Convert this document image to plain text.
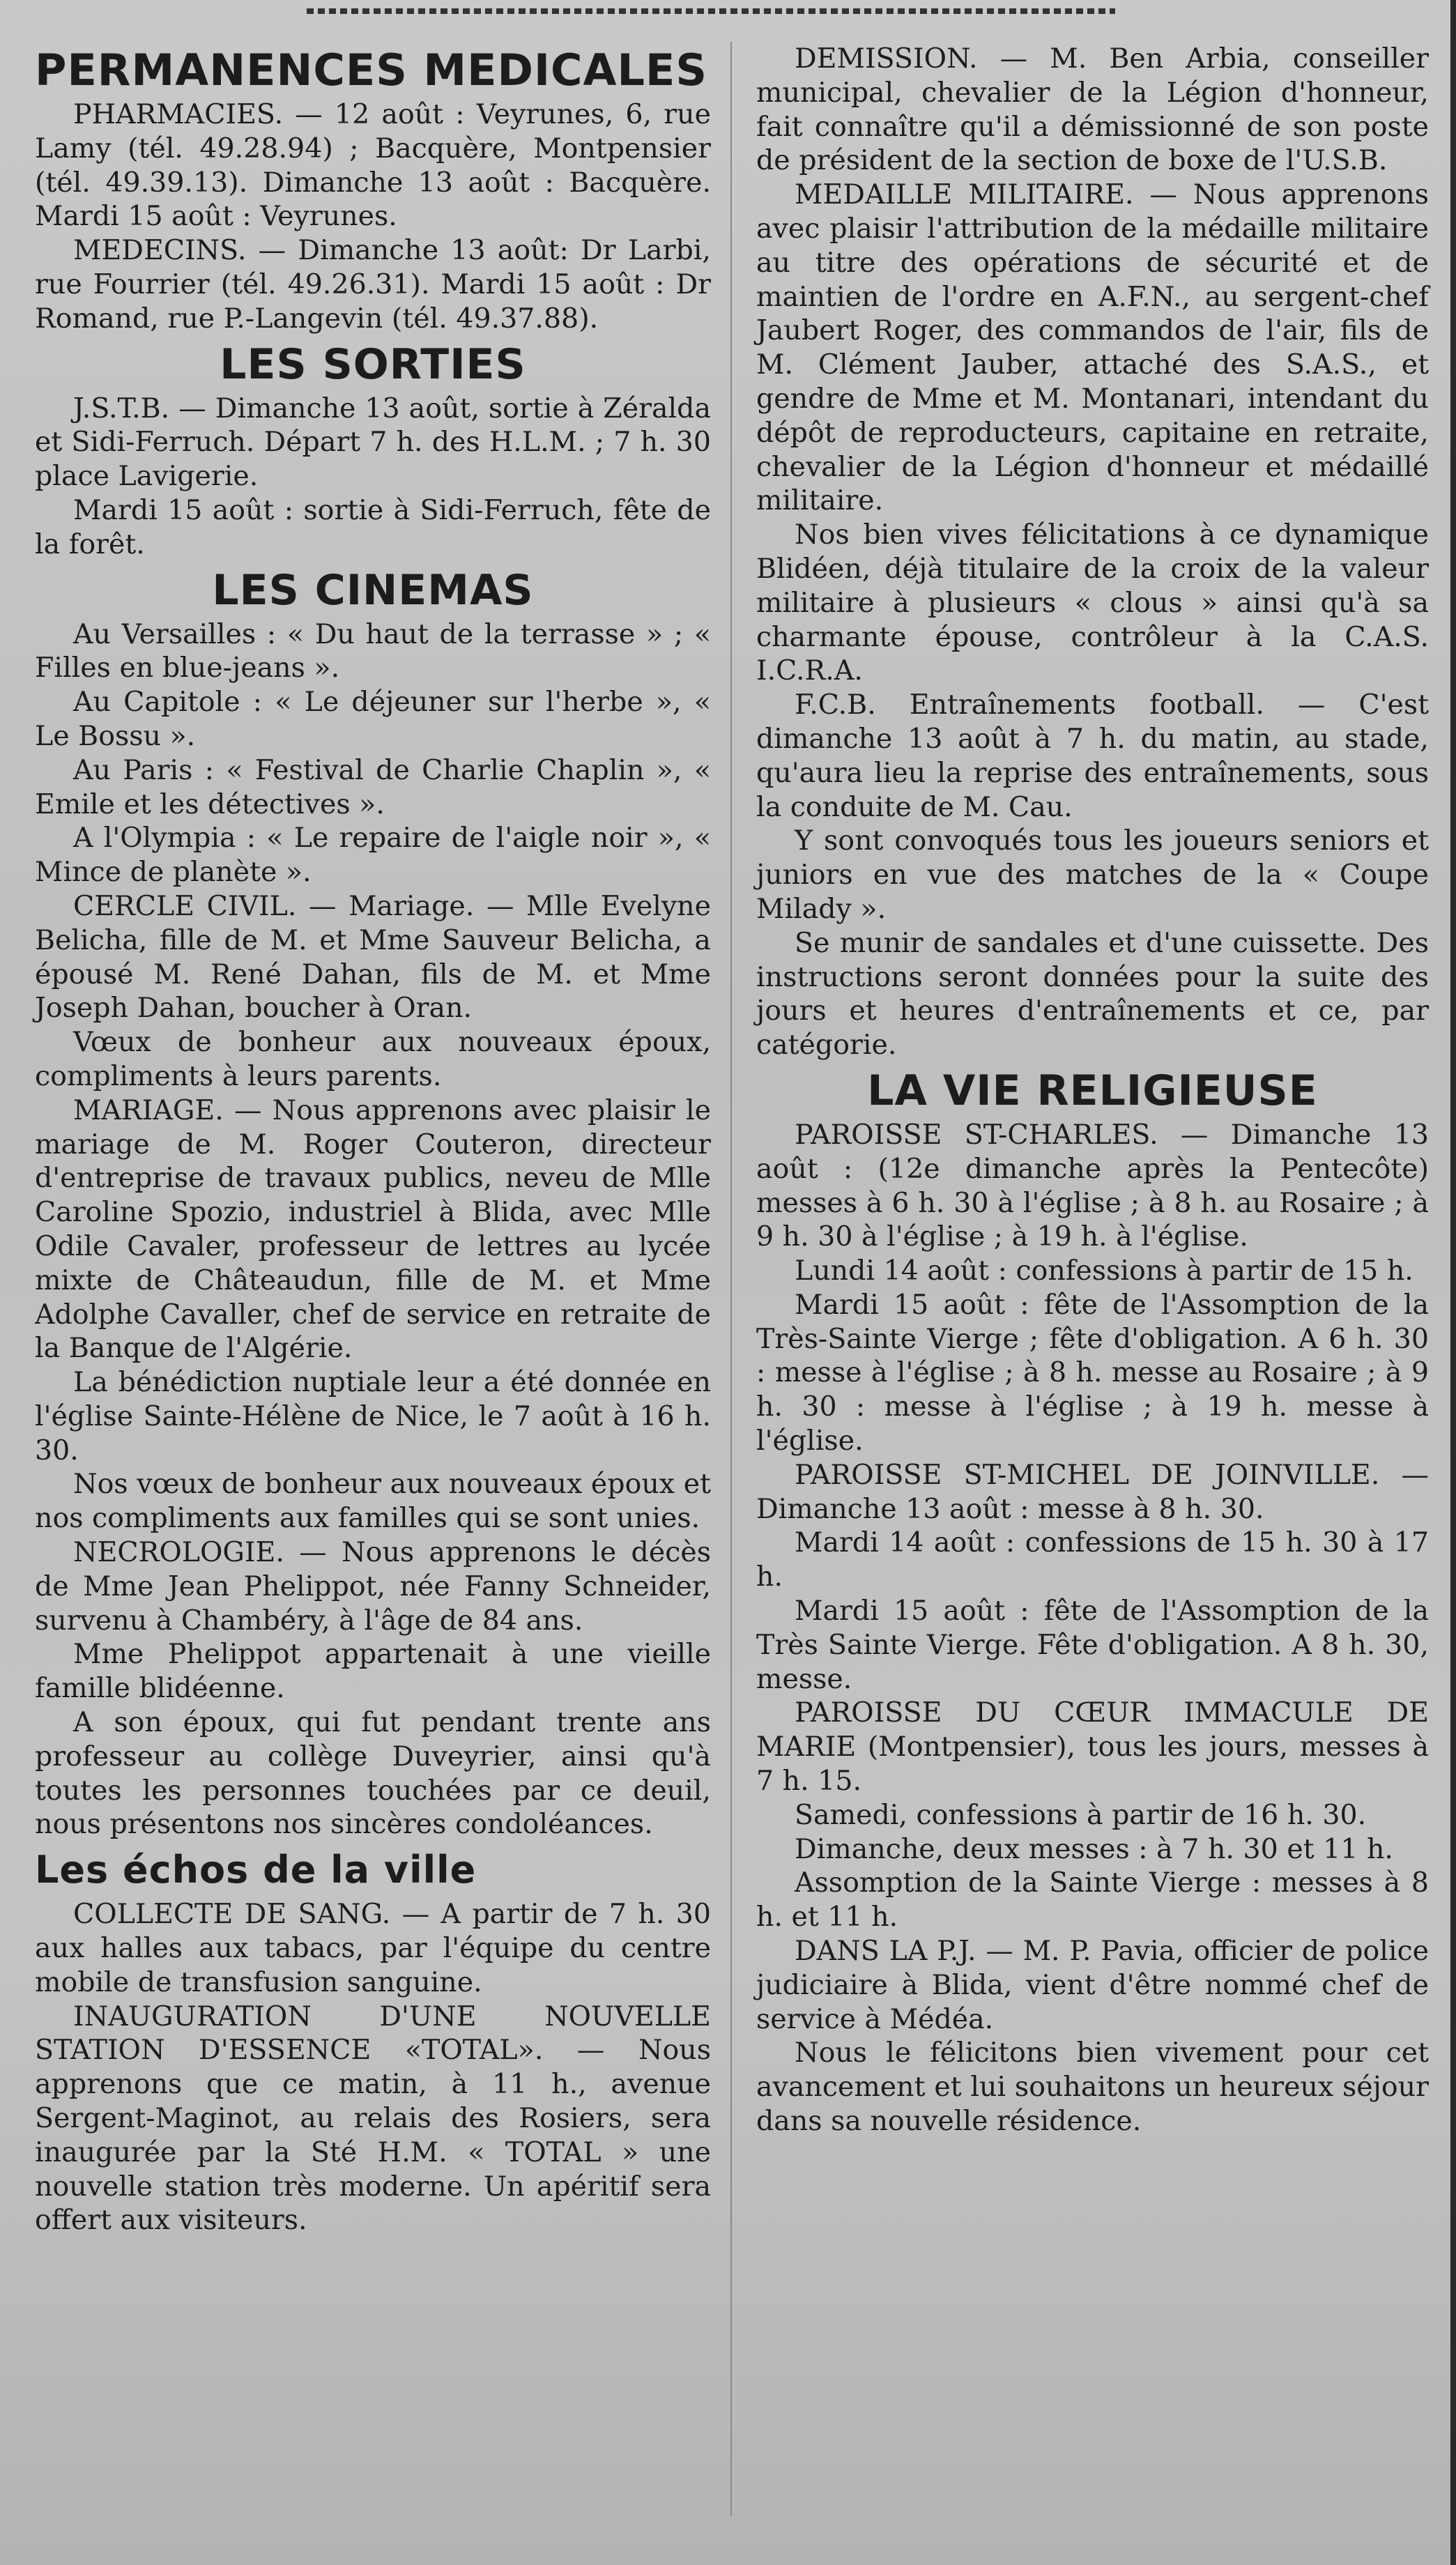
PERMANENCES MEDICALES

PHARMACIES. — 12 août : Veyrunes, 6, rue Lamy (tél. 49.28.94) ; Bacquère, Montpensier (tél. 49.39.13). Dimanche 13 août : Bacquère. Mardi 15 août : Veyrunes.

MEDECINS. — Dimanche 13 août: Dr Larbi, rue Fourrier (tél. 49.26.31). Mardi 15 août : Dr Romand, rue P.-Langevin (tél. 49.37.88).

LES SORTIES

J.S.T.B. — Dimanche 13 août, sortie à Zéralda et Sidi-Ferruch. Départ 7 h. des H.L.M. ; 7 h. 30 place Lavigerie.

Mardi 15 août : sortie à Sidi-Ferruch, fête de la forêt.

LES CINEMAS

Au Versailles : « Du haut de la terrasse » ; « Filles en blue-jeans ».

Au Capitole : « Le déjeuner sur l'herbe », « Le Bossu ».

Au Paris : « Festival de Charlie Chaplin », « Emile et les détectives ».

A l'Olympia : « Le repaire de l'aigle noir », « Mince de planète ».

CERCLE CIVIL. — Mariage. — Mlle Evelyne Belicha, fille de M. et Mme Sauveur Belicha, a épousé M. René Dahan, fils de M. et Mme Joseph Dahan, boucher à Oran.

Vœux de bonheur aux nouveaux époux, compliments à leurs parents.

MARIAGE. — Nous apprenons avec plaisir le mariage de M. Roger Couteron, directeur d'entreprise de travaux publics, neveu de Mlle Caroline Spozio, industriel à Blida, avec Mlle Odile Cavaler, professeur de lettres au lycée mixte de Châteaudun, fille de M. et Mme Adolphe Cavaller, chef de service en retraite de la Banque de l'Algérie.

La bénédiction nuptiale leur a été donnée en l'église Sainte-Hélène de Nice, le 7 août à 16 h. 30.

Nos vœux de bonheur aux nouveaux époux et nos compliments aux familles qui se sont unies.

NECROLOGIE. — Nous apprenons le décès de Mme Jean Phelippot, née Fanny Schneider, survenu à Chambéry, à l'âge de 84 ans.

Mme Phelippot appartenait à une vieille famille blidéenne.

A son époux, qui fut pendant trente ans professeur au collège Duveyrier, ainsi qu'à toutes les personnes touchées par ce deuil, nous présentons nos sincères condoléances.

Les échos de la ville

COLLECTE DE SANG. — A partir de 7 h. 30 aux halles aux tabacs, par l'équipe du centre mobile de transfusion sanguine.

INAUGURATION D'UNE NOUVELLE STATION D'ESSENCE «TOTAL». — Nous apprenons que ce matin, à 11 h., avenue Sergent-Maginot, au relais des Rosiers, sera inaugurée par la Sté H.M. « TOTAL » une nouvelle station très moderne. Un apéritif sera offert aux visiteurs.

DEMISSION. — M. Ben Arbia, conseiller municipal, chevalier de la Légion d'honneur, fait connaître qu'il a démissionné de son poste de président de la section de boxe de l'U.S.B.

MEDAILLE MILITAIRE. — Nous apprenons avec plaisir l'attribution de la médaille militaire au titre des opérations de sécurité et de maintien de l'ordre en A.F.N., au sergent-chef Jaubert Roger, des commandos de l'air, fils de M. Clément Jauber, attaché des S.A.S., et gendre de Mme et M. Montanari, intendant du dépôt de reproducteurs, capitaine en retraite, chevalier de la Légion d'honneur et médaillé militaire.

Nos bien vives félicitations à ce dynamique Blidéen, déjà titulaire de la croix de la valeur militaire à plusieurs « clous » ainsi qu'à sa charmante épouse, contrôleur à la C.A.S. I.C.R.A.

F.C.B. Entraînements football. — C'est dimanche 13 août à 7 h. du matin, au stade, qu'aura lieu la reprise des entraînements, sous la conduite de M. Cau.

Y sont convoqués tous les joueurs seniors et juniors en vue des matches de la « Coupe Milady ».

Se munir de sandales et d'une cuissette. Des instructions seront données pour la suite des jours et heures d'entraînements et ce, par catégorie.

LA VIE RELIGIEUSE

PAROISSE ST-CHARLES. — Dimanche 13 août : (12e dimanche après la Pentecôte) messes à 6 h. 30 à l'église ; à 8 h. au Rosaire ; à 9 h. 30 à l'église ; à 19 h. à l'église.

Lundi 14 août : confessions à partir de 15 h.

Mardi 15 août : fête de l'Assomption de la Très-Sainte Vierge ; fête d'obligation. A 6 h. 30 : messe à l'église ; à 8 h. messe au Rosaire ; à 9 h. 30 : messe à l'église ; à 19 h. messe à l'église.

PAROISSE ST-MICHEL DE JOINVILLE. — Dimanche 13 août : messe à 8 h. 30.

Mardi 14 août : confessions de 15 h. 30 à 17 h.

Mardi 15 août : fête de l'Assomption de la Très Sainte Vierge. Fête d'obligation. A 8 h. 30, messe.

PAROISSE DU CŒUR IMMACULE DE MARIE (Montpensier), tous les jours, messes à 7 h. 15.

Samedi, confessions à partir de 16 h. 30.

Dimanche, deux messes : à 7 h. 30 et 11 h.

Assomption de la Sainte Vierge : messes à 8 h. et 11 h.

DANS LA P.J. — M. P. Pavia, officier de police judiciaire à Blida, vient d'être nommé chef de service à Médéa.

Nous le félicitons bien vivement pour cet avancement et lui souhaitons un heureux séjour dans sa nouvelle résidence.
